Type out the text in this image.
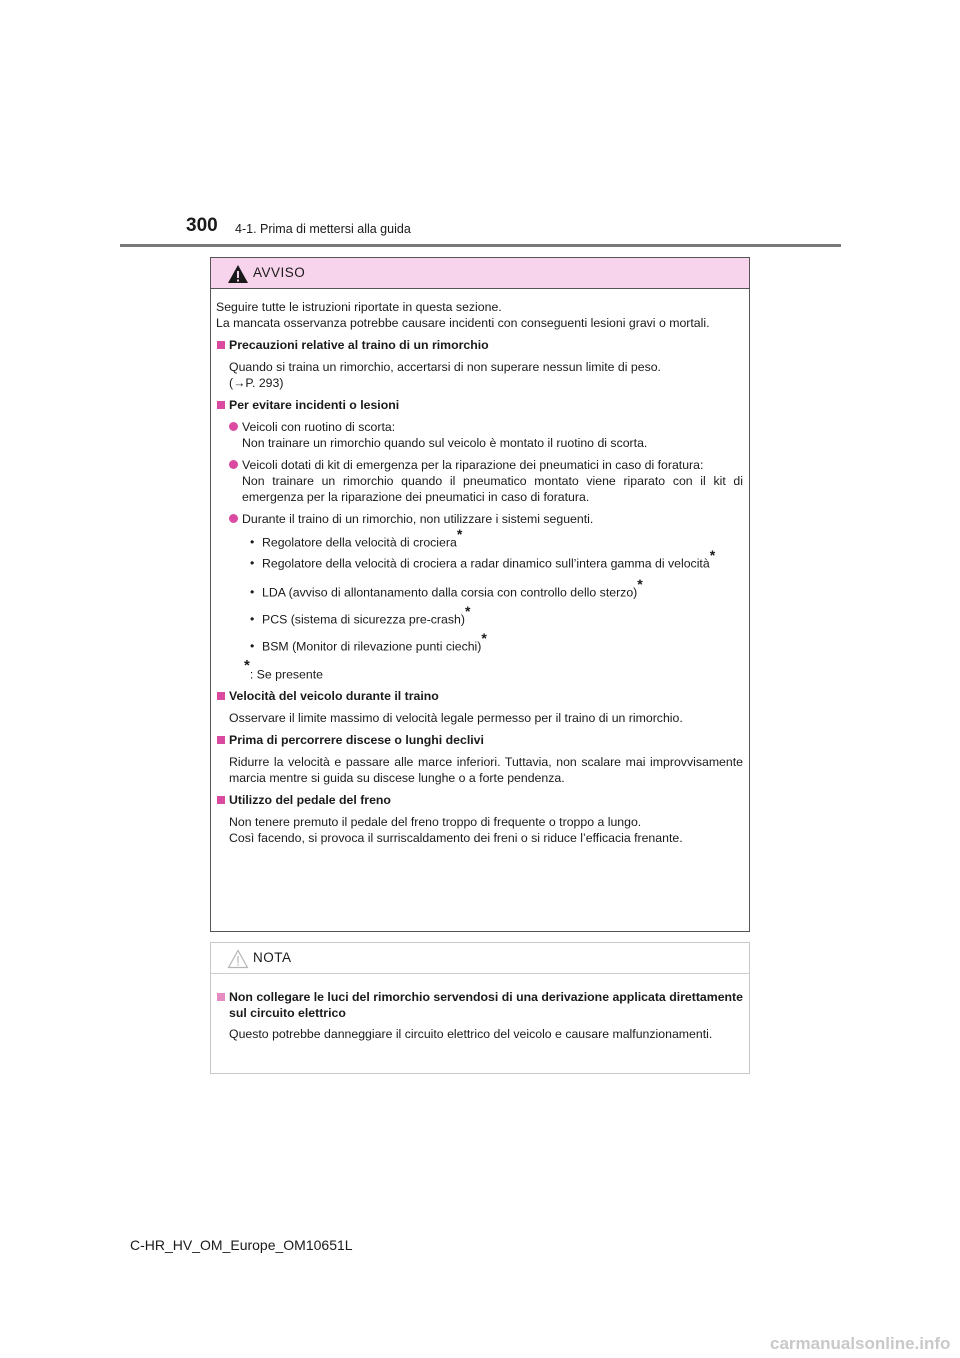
300 4-1. Prima di mettersi alla guida
AVVISO

Seguire tutte le istruzioni riportate in questa sezione.
La mancata osservanza potrebbe causare incidenti con conseguenti lesioni gravi o mortali.

Precauzioni relative al traino di un rimorchio

Quando si traina un rimorchio, accertarsi di non superare nessun limite di peso.
(→P. 293)

Per evitare incidenti o lesioni

Veicoli con ruotino di scorta:
Non trainare un rimorchio quando sul veicolo è montato il ruotino di scorta.

Veicoli dotati di kit di emergenza per la riparazione dei pneumatici in caso di foratura:
Non trainare un rimorchio quando il pneumatico montato viene riparato con il kit di emergenza per la riparazione dei pneumatici in caso di foratura.

Durante il traino di un rimorchio, non utilizzare i sistemi seguenti.

• Regolatore della velocità di crociera*

• Regolatore della velocità di crociera a radar dinamico sull’intera gamma di velocità*

• LDA (avviso di allontanamento dalla corsia con controllo dello sterzo)*

• PCS (sistema di sicurezza pre-crash)*

• BSM (Monitor di rilevazione punti ciechi)*

*: Se presente

Velocità del veicolo durante il traino

Osservare il limite massimo di velocità legale permesso per il traino di un rimorchio.

Prima di percorrere discese o lunghi declivi

Ridurre la velocità e passare alle marce inferiori. Tuttavia, non scalare mai improvvisamente marcia mentre si guida su discese lunghe o a forte pendenza.

Utilizzo del pedale del freno

Non tenere premuto il pedale del freno troppo di frequente o troppo a lungo.
Così facendo, si provoca il surriscaldamento dei freni o si riduce l’efficacia frenante.

NOTA

Non collegare le luci del rimorchio servendosi di una derivazione applicata direttamente sul circuito elettrico

Questo potrebbe danneggiare il circuito elettrico del veicolo e causare malfunzionamenti.

C-HR_HV_OM_Europe_OM10651L
carmanualsonline.info
